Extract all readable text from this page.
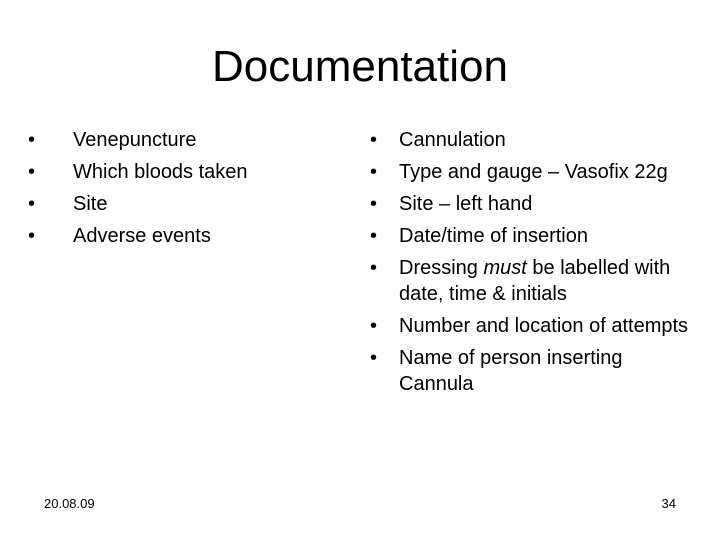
Documentation
• Venepuncture
• Which bloods taken
• Site
• Adverse events
• Cannulation
• Type and gauge – Vasofix 22g
• Site – left hand
• Date/time of insertion
• Dressing must be labelled with date, time & initials
• Number and location of attempts
• Name of person inserting Cannula
20.08.09	34
